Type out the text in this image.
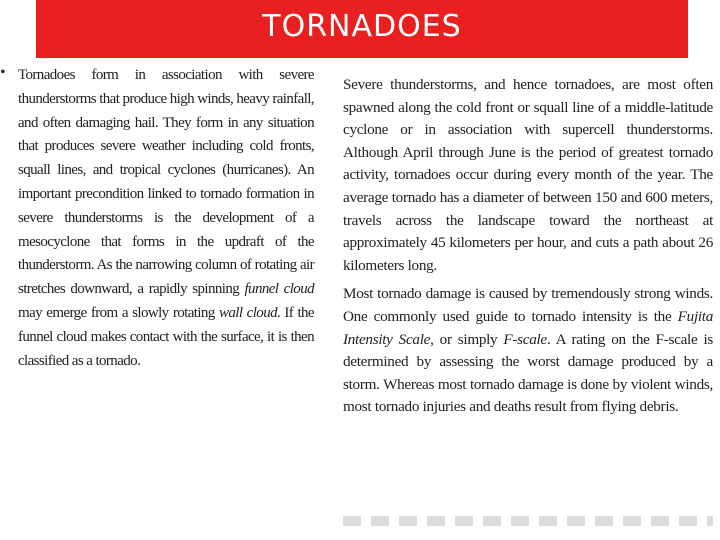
TORNADOES
• Tornadoes form in association with severe thunderstorms that produce high winds, heavy rainfall, and often damaging hail. They form in any situation that produces severe weather including cold fronts, squall lines, and tropical cyclones (hurricanes). An important precondition linked to tornado formation in severe thunderstorms is the development of a mesocyclone that forms in the updraft of the thunderstorm. As the narrowing column of rotating air stretches downward, a rapidly spinning funnel cloud may emerge from a slowly rotating wall cloud. If the funnel cloud makes contact with the surface, it is then classified as a tornado.

Severe thunderstorms, and hence tornadoes, are most often spawned along the cold front or squall line of a middle-latitude cyclone or in association with supercell thunderstorms. Although April through June is the period of greatest tornado activity, tornadoes occur during every month of the year. The average tornado has a diameter of between 150 and 600 meters, travels across the landscape toward the northeast at approximately 45 kilometers per hour, and cuts a path about 26 kilometers long.

Most tornado damage is caused by tremendously strong winds. One commonly used guide to tornado intensity is the Fujita Intensity Scale, or simply F-scale. A rating on the F-scale is determined by assessing the worst damage produced by a storm. Whereas most tornado damage is done by violent winds, most tornado injuries and deaths result from flying debris.
